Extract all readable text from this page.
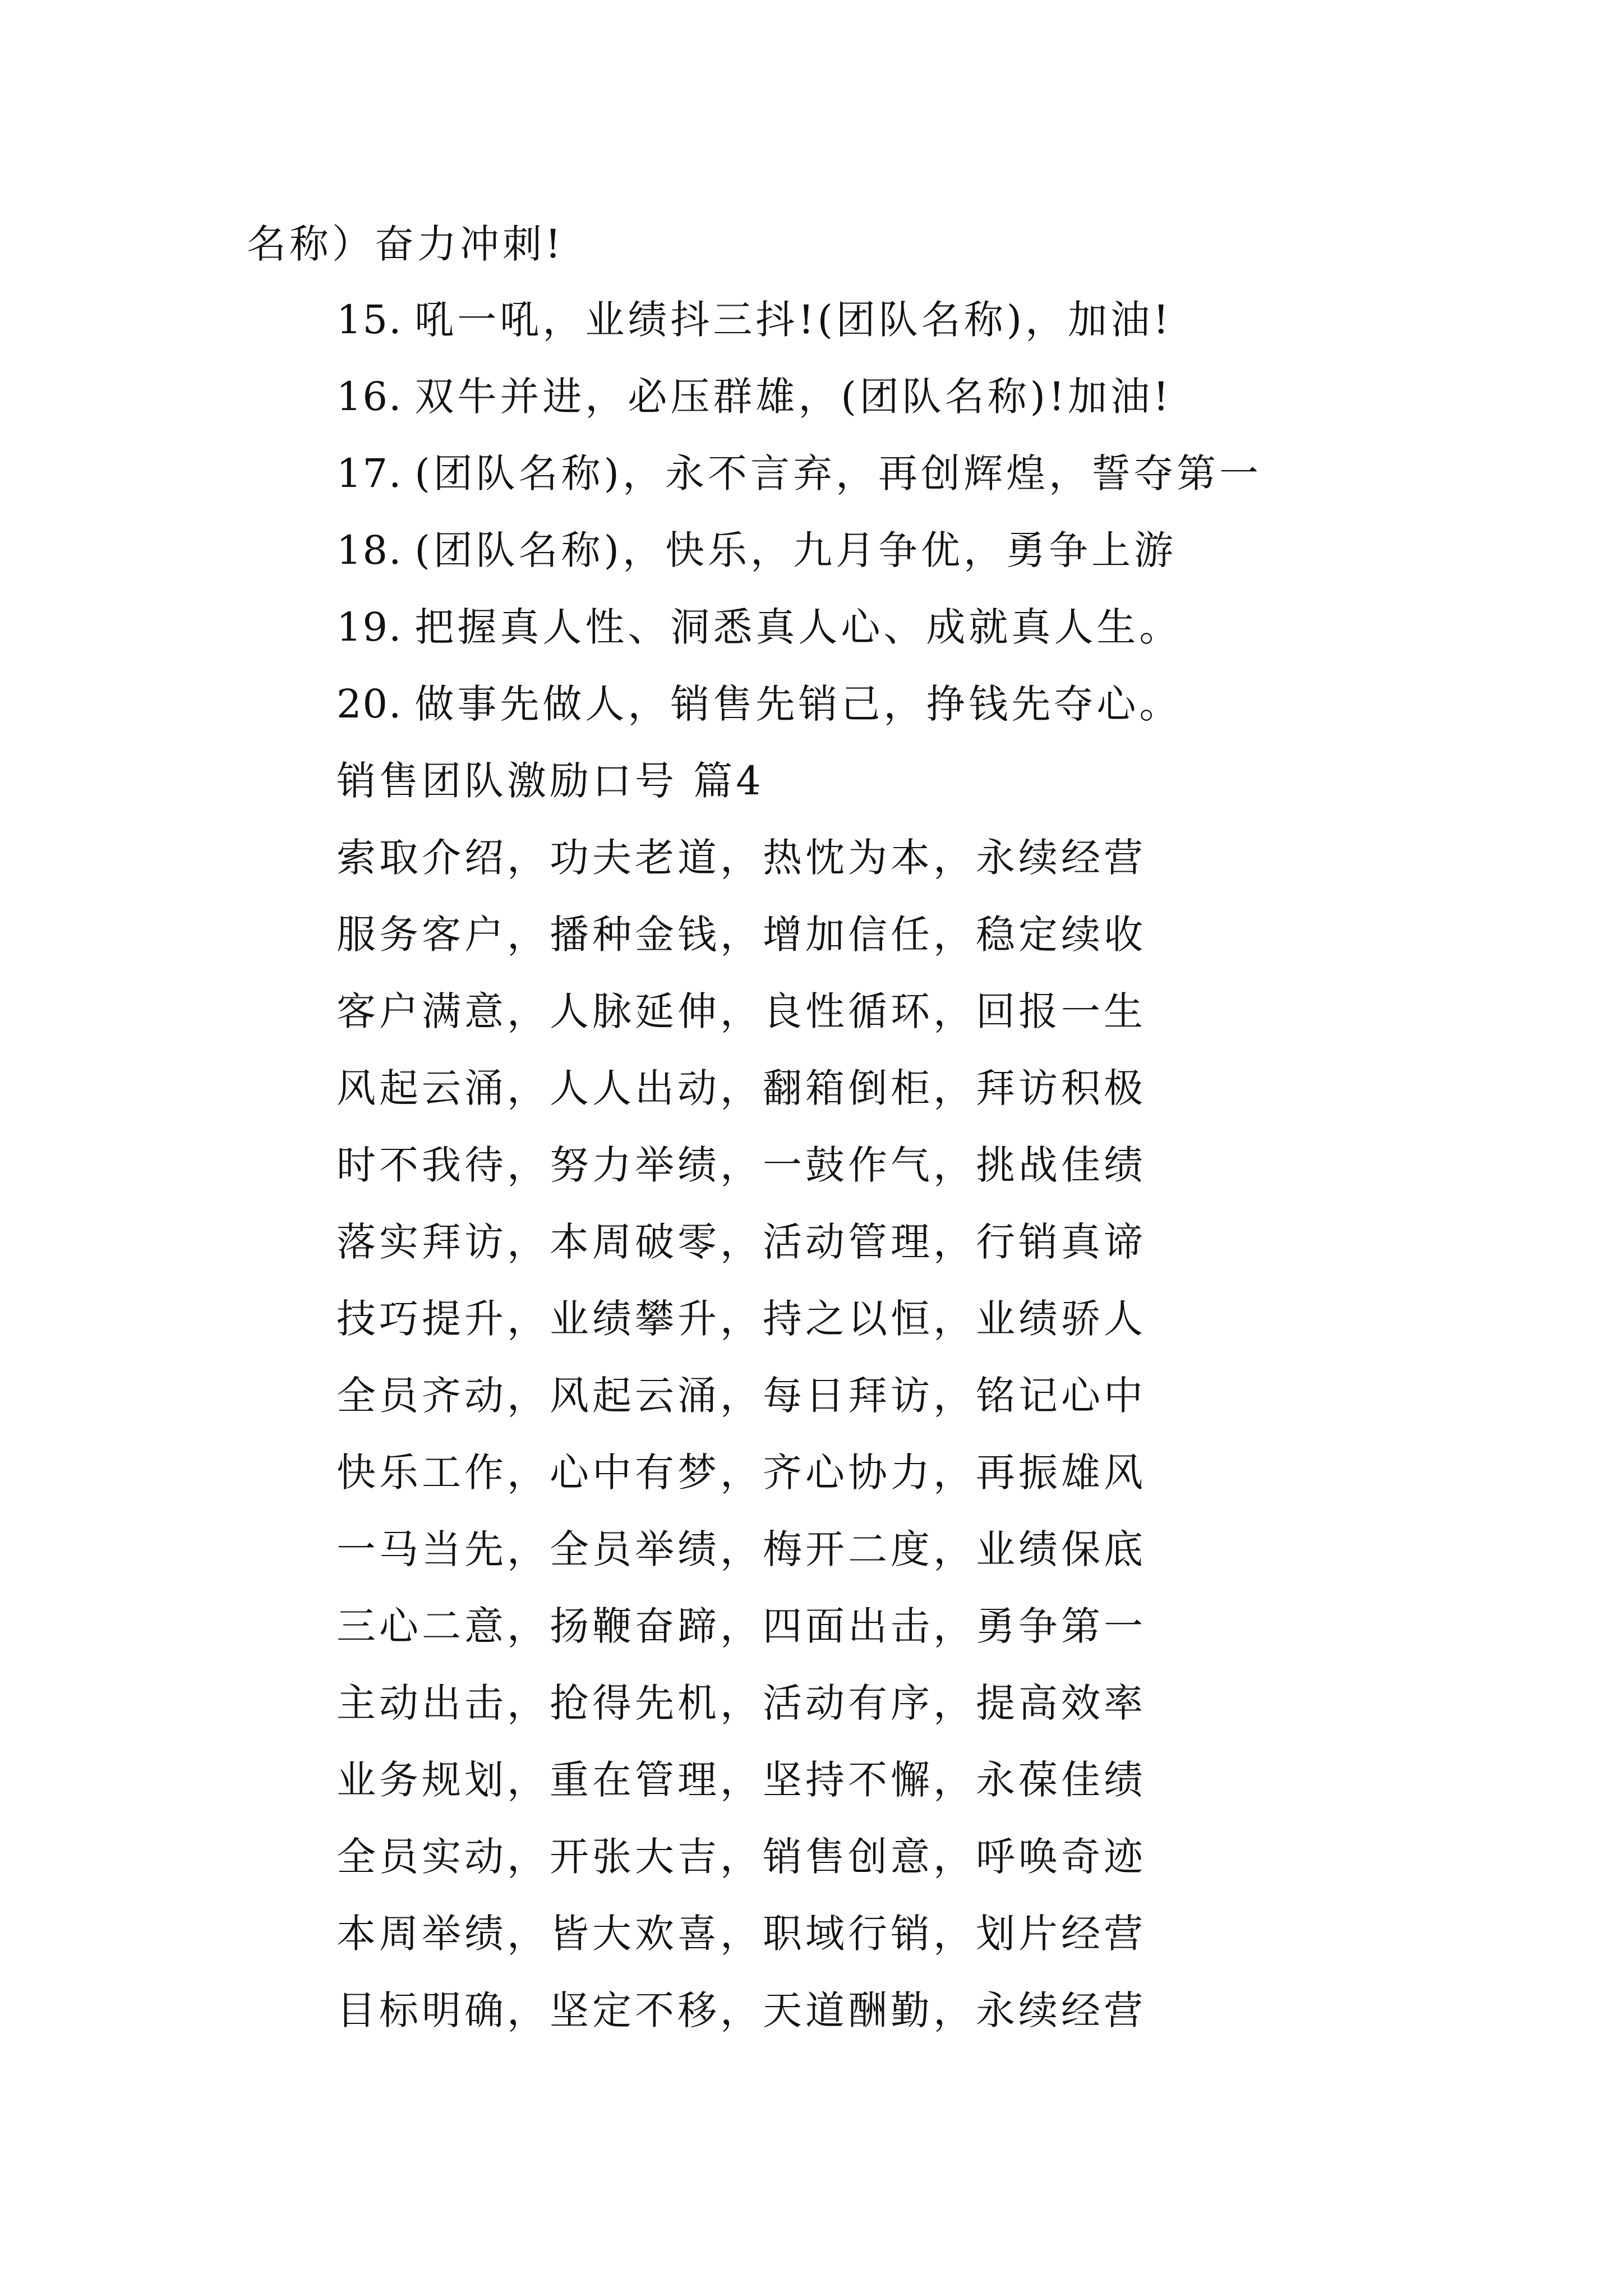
名称）奋力冲刺!
15. 吼一吼，业绩抖三抖!(团队名称)，加油!
16. 双牛并进，必压群雄，(团队名称)!加油!
17. (团队名称)，永不言弃，再创辉煌，誓夺第一
18. (团队名称)，快乐，九月争优，勇争上游
19. 把握真人性、洞悉真人心、成就真人生。
20. 做事先做人，销售先销己，挣钱先夺心。
销售团队激励口号 篇4
索取介绍，功夫老道，热忱为本，永续经营
服务客户，播种金钱，增加信任，稳定续收
客户满意，人脉延伸，良性循环，回报一生
风起云涌，人人出动，翻箱倒柜，拜访积极
时不我待，努力举绩，一鼓作气，挑战佳绩
落实拜访，本周破零，活动管理，行销真谛
技巧提升，业绩攀升，持之以恒，业绩骄人
全员齐动，风起云涌，每日拜访，铭记心中
快乐工作，心中有梦，齐心协力，再振雄风
一马当先，全员举绩，梅开二度，业绩保底
三心二意，扬鞭奋蹄，四面出击，勇争第一
主动出击，抢得先机，活动有序，提高效率
业务规划，重在管理，坚持不懈，永葆佳绩
全员实动，开张大吉，销售创意，呼唤奇迹
本周举绩，皆大欢喜，职域行销，划片经营
目标明确，坚定不移，天道酬勤，永续经营
